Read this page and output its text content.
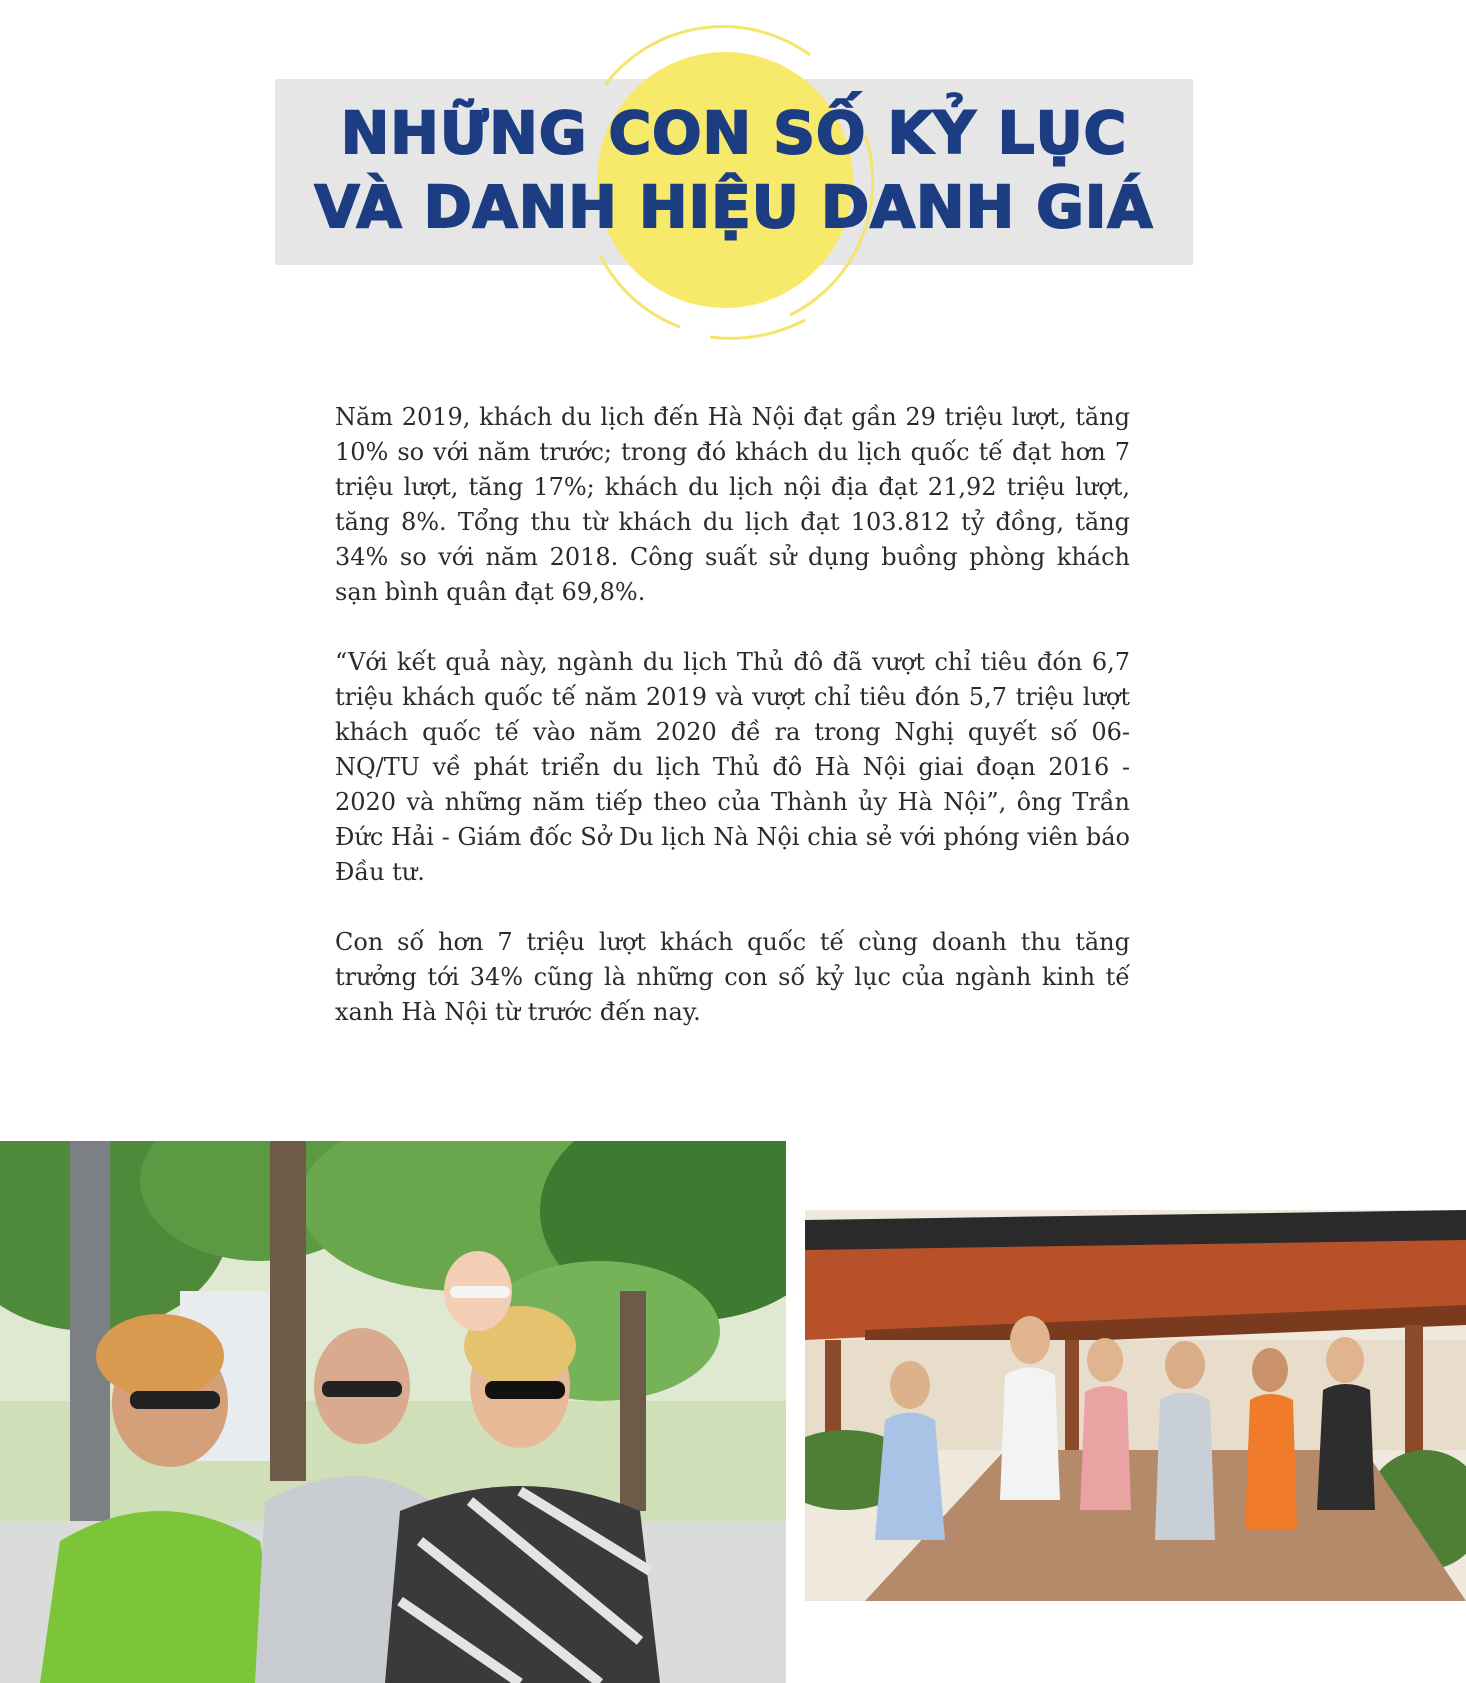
NHỮNG CON SỐ KỶ LỤC
VÀ DANH HIỆU DANH GIÁ

Năm 2019, khách du lịch đến Hà Nội đạt gần 29 triệu lượt, tăng 10% so với năm trước; trong đó khách du lịch quốc tế đạt hơn 7 triệu lượt, tăng 17%; khách du lịch nội địa đạt 21,92 triệu lượt, tăng 8%. Tổng thu từ khách du lịch đạt 103.812 tỷ đồng, tăng 34% so với năm 2018. Công suất sử dụng buồng phòng khách sạn bình quân đạt 69,8%.

“Với kết quả này, ngành du lịch Thủ đô đã vượt chỉ tiêu đón 6,7 triệu khách quốc tế năm 2019 và vượt chỉ tiêu đón 5,7 triệu lượt khách quốc tế vào năm 2020 đề ra trong Nghị quyết số 06-NQ/TU về phát triển du lịch Thủ đô Hà Nội giai đoạn 2016 - 2020 và những năm tiếp theo của Thành ủy Hà Nội”, ông Trần Đức Hải - Giám đốc Sở Du lịch Nà Nội chia sẻ với phóng viên báo Đầu tư.

Con số hơn 7 triệu lượt khách quốc tế cùng doanh thu tăng trưởng tới 34% cũng là những con số kỷ lục của ngành kinh tế xanh Hà Nội từ trước đến nay.
